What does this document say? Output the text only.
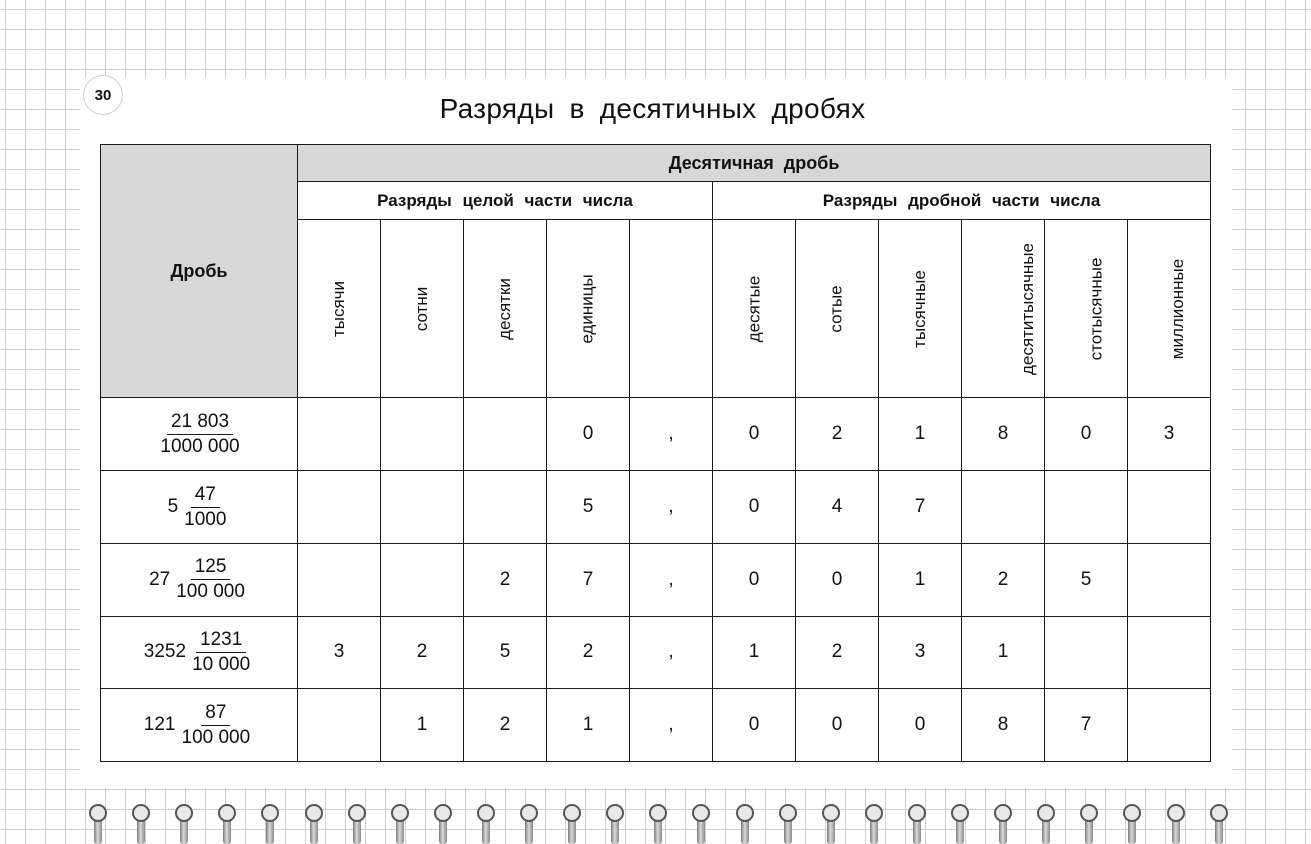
30	Разряды в десятичных дробях
Дробь	Десятичная дробь										
	Разряды целой части числа					Разряды дробной части числа					
	тысячи	сотни	десятки	единицы		десятые	сотые	тысячные	десятитысячные	стотысячные	миллионные

$\frac{21 803}{1000 000}$				0	,	0	2	1	8	0	3

$5 \frac{47}{1000}$				5	,	0	4	7			

$27 \frac{125}{100 000}$			2	7	,	0	0	1	2	5	

$3252 \frac{1231}{10 000}$	3	2	5	2	,	1	2	3	1		

$121 \frac{87}{100 000}$		1	2	1	,	0	0	0	8	7	
